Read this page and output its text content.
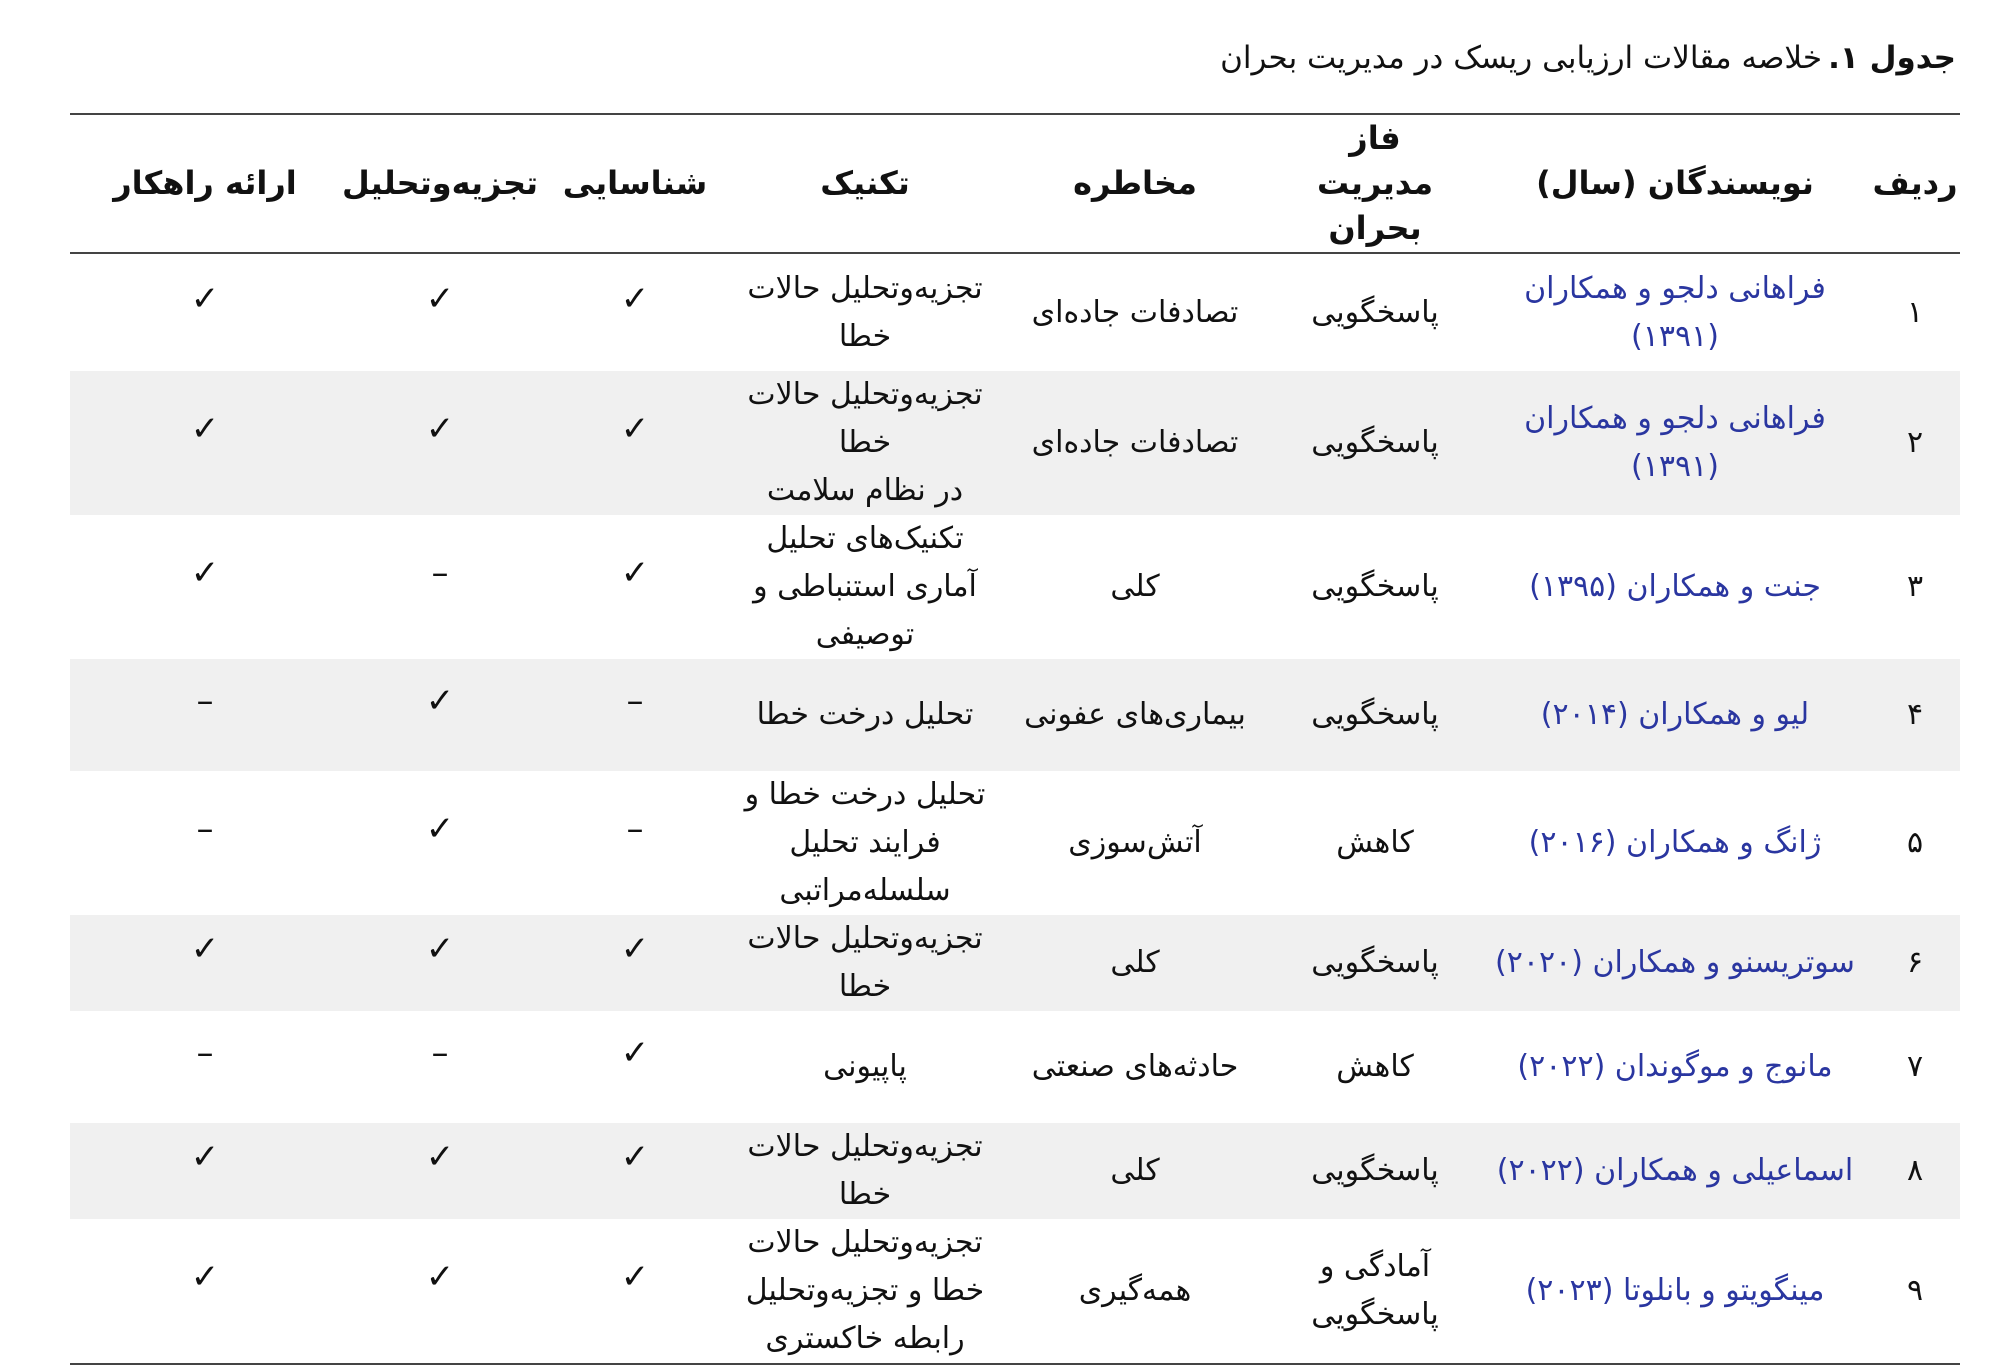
جدول ۱.خلاصه مقالات ارزیابی ریسک در مدیریت بحران
ردیف	نویسندگان (سال)	فاز
مدیریت بحران	مخاطره	تکنیک	شناسایی	تجزیه‌وتحلیل	ارائه راهکار
۱	فراهانی دلجو و همکاران (۱۳۹۱)	پاسخگویی	تصادفات جاده‌ای	تجزیه‌وتحلیل حالات
خطا	✓	✓	✓

۲	فراهانی دلجو و همکاران (۱۳۹۱)	پاسخگویی	تصادفات جاده‌ای	تجزیه‌وتحلیل حالات
خطا
در نظام سلامت	✓	✓	✓

۳	جنت و همکاران (۱۳۹۵)	پاسخگویی	کلی	تکنیک‌های تحلیل
آماری استنباطی و
توصیفی	✓	–	✓

۴	لیو و همکاران (۲۰۱۴)	پاسخگویی	بیماری‌های عفونی	تحلیل درخت خطا	–	✓	–

۵	ژانگ و همکاران (۲۰۱۶)	کاهش	آتش‌سوزی	تحلیل درخت خطا و
فرایند تحلیل
سلسله‌مراتبی	–	✓	–

۶	سوتریسنو و همکاران (۲۰۲۰)	پاسخگویی	کلی	تجزیه‌وتحلیل حالات
خطا	✓	✓	✓

۷	مانوج و موگوندان (۲۰۲۲)	کاهش	حادثه‌های صنعتی	پاپیونی	✓	–	–

۸	اسماعیلی و همکاران (۲۰۲۲)	پاسخگویی	کلی	تجزیه‌وتحلیل حالات
خطا	✓	✓	✓

۹	مینگویتو و بانلوتا (۲۰۲۳)	آمادگی و
پاسخگویی	همه‌گیری	تجزیه‌وتحلیل حالات
خطا و تجزیه‌وتحلیل
رابطه خاکستری	✓	✓	✓
